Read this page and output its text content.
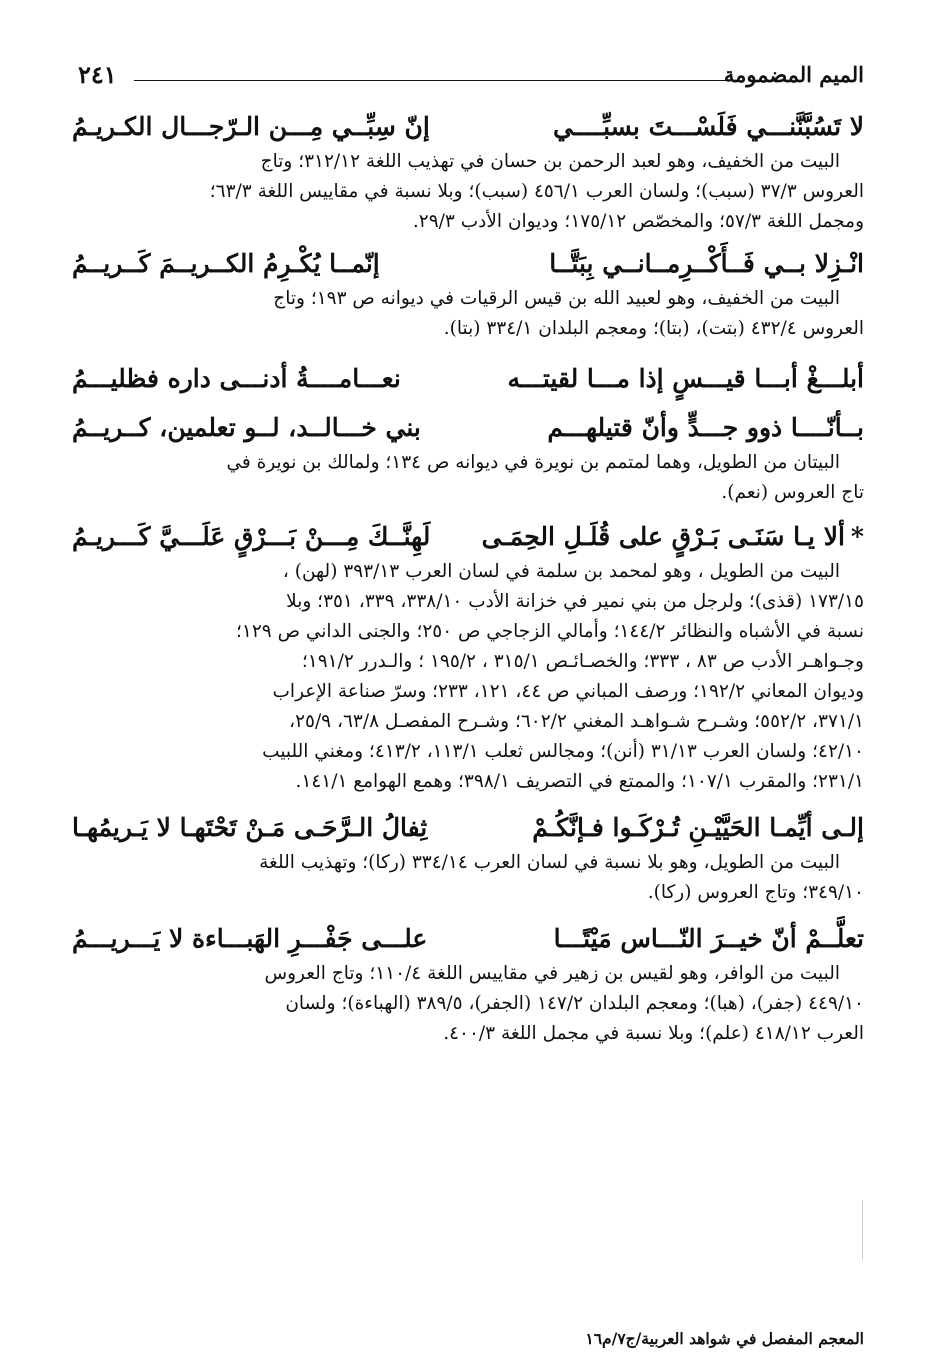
الميم المضمومة
٢٤١
لا تَسُبَّنَّنـــي فَلَسْـــتَ بسبِّــــي
إنّ سِبِّــي مِـــن الـرّجـــال الكـريـمُ

البيت من الخفيف، وهو لعبد الرحمن بن حسان في تهذيب اللغة ٣١٢/١٢؛ وتاج

العروس ٣٧/٣ (سبب)؛ ولسان العرب ٤٥٦/١ (سبب)؛ وبلا نسبة في مقاييس اللغة ٦٣/٣؛

ومجمل اللغة ٥٧/٣؛ والمخصّص ١٧٥/١٢؛ وديوان الأدب ٢٩/٣.

انْـزِلا بــي فَــأَكْــرِمــانــي بِبَتَّــا
إنّمــا يُكْـرِمُ الكــريــمَ كَــريــمُ

البيت من الخفيف، وهو لعبيد الله بن قيس الرقيات في ديوانه ص ١٩٣؛ وتاج

العروس ٤٣٢/٤ (بتت)، (بتا)؛ ومعجم البلدان ٣٣٤/١ (بتا).

أبلـــغْ أبـــا قيـــسٍ إذا مـــا لقيتـــه
نعـــامــــةُ أدنـــى داره فظليـــمُ
بــأنّــــا ذوو جـــدٍّ وأنّ قتيلهـــم
بني خـــالــد، لــو تعلمين، كــريــمُ

البيتان من الطويل، وهما لمتمم بن نويرة في ديوانه ص ١٣٤؛ ولمالك بن نويرة في

تاج العروس (نعم).

*ألا يـا سَنَـى بَـرْقٍ على قُلَـلِ الحِمَـى
لَهِنَّــكَ مِـــنْ بَـــرْقٍ عَلَـــيَّ كَـــريـمُ

البيت من الطويل ، وهو لمحمد بن سلمة في لسان العرب ٣٩٣/١٣ (لهن) ،

١٧٣/١٥ (قذى)؛ ولرجل من بني نمير في خزانة الأدب ٣٣٨/١٠، ٣٣٩، ٣٥١؛ وبلا

نسبة في الأشباه والنظائر ١٤٤/٢؛ وأمالي الزجاجي ص ٢٥٠؛ والجنى الداني ص ١٢٩؛

وجـواهـر الأدب ص ٨٣ ، ٣٣٣؛ والخصـائـص ٣١٥/١ ، ١٩٥/٢ ؛ والـدرر ١٩١/٢؛

وديوان المعاني ١٩٢/٢؛ ورصف المباني ص ٤٤، ١٢١، ٢٣٣؛ وسرّ صناعة الإعراب

٣٧١/١، ٥٥٢/٢؛ وشـرح شـواهـد المغني ٦٠٢/٢؛ وشـرح المفصـل ٦٣/٨، ٢٥/٩،

٤٢/١٠؛ ولسان العرب ٣١/١٣ (أنن)؛ ومجالس ثعلب ١١٣/١، ٤١٣/٢؛ ومغني اللبيب

٢٣١/١؛ والمقرب ١٠٧/١؛ والممتع في التصريف ٣٩٨/١؛ وهمع الهوامع ١٤١/١.

إلـى أيِّمـا الحَيَّيْـنِ تُـرْكَـوا فـإنَّكُـمْ
ثِفالُ الـرَّحَـى مَـنْ تَحْتَهـا لا يَـريمُهـا

البيت من الطويل، وهو بلا نسبة في لسان العرب ٣٣٤/١٤ (ركا)؛ وتهذيب اللغة

٣٤٩/١٠؛ وتاج العروس (ركا).

تعلَّــمْ أنّ خيــرَ النّـــاس مَيْتًـــا
علـــى جَفْـــرِ الهَبـــاءة لا يَـــريـــمُ

البيت من الوافر، وهو لقيس بن زهير في مقاييس اللغة ١١٠/٤؛ وتاج العروس

٤٤٩/١٠ (جفر)، (هبا)؛ ومعجم البلدان ١٤٧/٢ (الجفر)، ٣٨٩/٥ (الهباءة)؛ ولسان

العرب ٤١٨/١٢ (علم)؛ وبلا نسبة في مجمل اللغة ٤٠٠/٣.

المعجم المفصل في شواهد العربية/ج٧/م١٦
